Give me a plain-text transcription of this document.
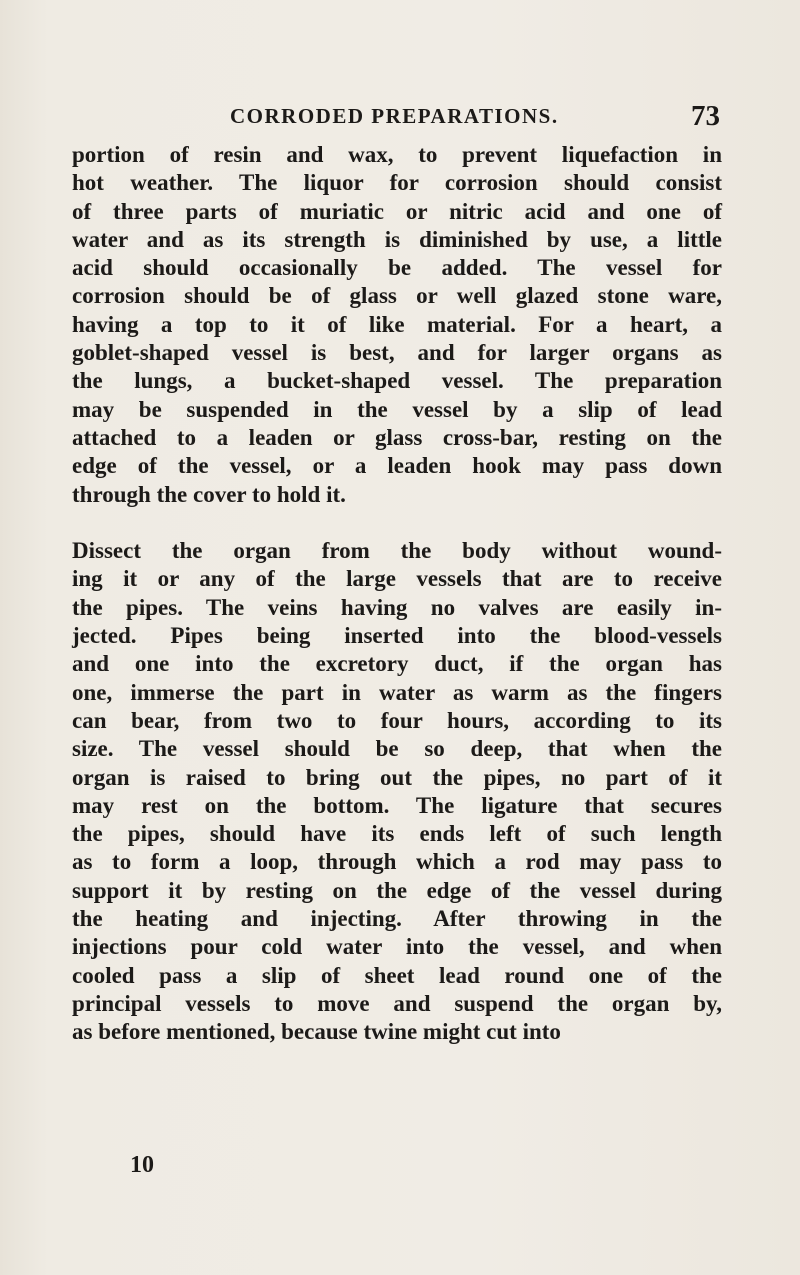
CORRODED PREPARATIONS.	73
portion of resin and wax, to prevent liquefaction in
hot weather. The liquor for corrosion should consist
of three parts of muriatic or nitric acid and one of
water and as its strength is diminished by use, a little
acid should occasionally be added. The vessel for
corrosion should be of glass or well glazed stone ware,
having a top to it of like material. For a heart, a
goblet-shaped vessel is best, and for larger organs as
the lungs, a bucket-shaped vessel. The preparation
may be suspended in the vessel by a slip of lead
attached to a leaden or glass cross-bar, resting on the
edge of the vessel, or a leaden hook may pass down
through the cover to hold it.
Dissect the organ from the body without wound-
ing it or any of the large vessels that are to receive
the pipes. The veins having no valves are easily in-
jected. Pipes being inserted into the blood-vessels
and one into the excretory duct, if the organ has
one, immerse the part in water as warm as the fingers
can bear, from two to four hours, according to its
size. The vessel should be so deep, that when the
organ is raised to bring out the pipes, no part of it
may rest on the bottom. The ligature that secures
the pipes, should have its ends left of such length
as to form a loop, through which a rod may pass to
support it by resting on the edge of the vessel during
the heating and injecting. After throwing in the
injections pour cold water into the vessel, and when
cooled pass a slip of sheet lead round one of the
principal vessels to move and suspend the organ by,
as before mentioned, because twine might cut into
10
